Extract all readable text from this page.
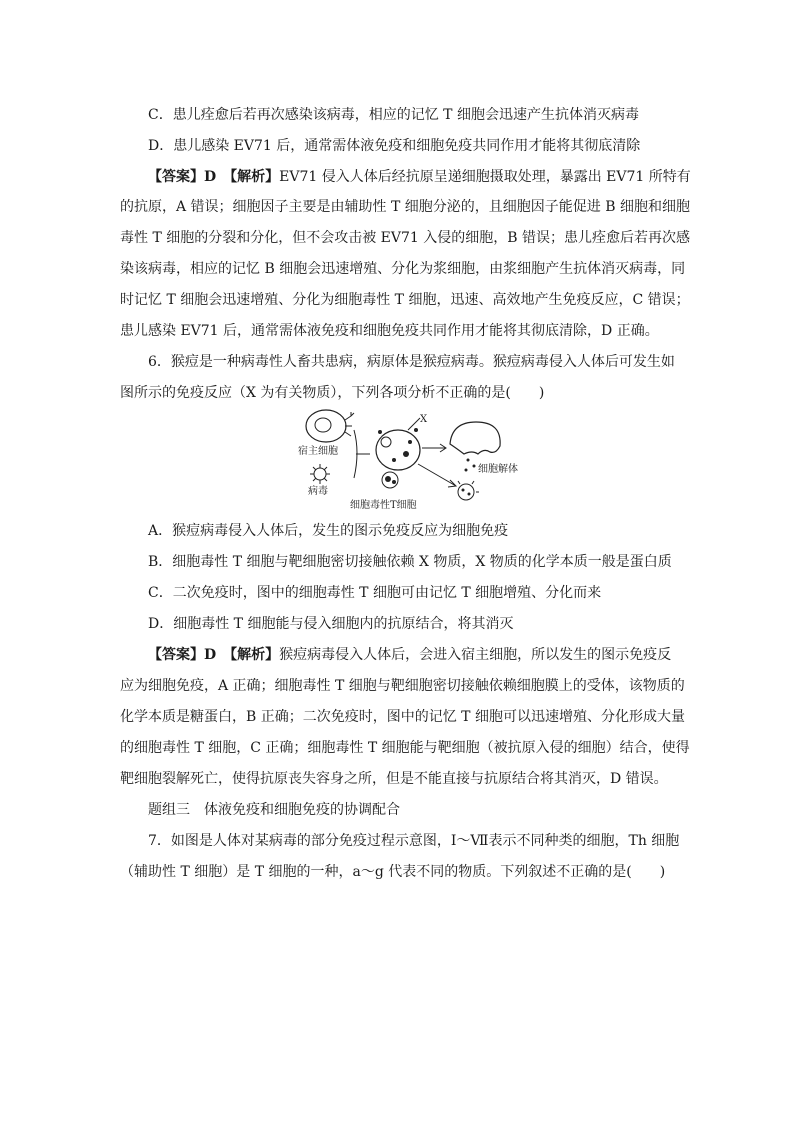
C．患儿痊愈后若再次感染该病毒，相应的记忆 T 细胞会迅速产生抗体消灭病毒
D．患儿感染 EV71 后，通常需体液免疫和细胞免疫共同作用才能将其彻底清除
【答案】D　 【解析】EV71 侵入人体后经抗原呈递细胞摄取处理，暴露出 EV71 所特有
的抗原，A 错误；细胞因子主要是由辅助性 T 细胞分泌的，且细胞因子能促进 B 细胞和细胞
毒性 T 细胞的分裂和分化，但不会攻击被 EV71 入侵的细胞，B 错误；患儿痊愈后若再次感
染该病毒，相应的记忆 B 细胞会迅速增殖、分化为浆细胞，由浆细胞产生抗体消灭病毒，同
时记忆 T 细胞会迅速增殖、分化为细胞毒性 T 细胞，迅速、高效地产生免疫反应，C 错误；
患儿感染 EV71 后，通常需体液免疫和细胞免疫共同作用才能将其彻底清除，D 正确。
6．猴痘是一种病毒性人畜共患病，病原体是猴痘病毒。猴痘病毒侵入人体后可发生如
图所示的免疫反应（X 为有关物质），下列各项分析不正确的是(　　)
宿主细胞
病毒
X
细胞毒性T细胞
细胞解体
A．猴痘病毒侵入人体后，发生的图示免疫反应为细胞免疫
B．细胞毒性 T 细胞与靶细胞密切接触依赖 X 物质，X 物质的化学本质一般是蛋白质
C．二次免疫时，图中的细胞毒性 T 细胞可由记忆 T 细胞增殖、分化而来
D．细胞毒性 T 细胞能与侵入细胞内的抗原结合，将其消灭
【答案】D　 【解析】猴痘病毒侵入人体后，会进入宿主细胞，所以发生的图示免疫反
应为细胞免疫，A 正确；细胞毒性 T 细胞与靶细胞密切接触依赖细胞膜上的受体，该物质的
化学本质是糖蛋白，B 正确；二次免疫时，图中的记忆 T 细胞可以迅速增殖、分化形成大量
的细胞毒性 T 细胞，C 正确；细胞毒性 T 细胞能与靶细胞（被抗原入侵的细胞）结合，使得
靶细胞裂解死亡，使得抗原丧失容身之所，但是不能直接与抗原结合将其消灭，D 错误。
题组三　体液免疫和细胞免疫的协调配合
7．如图是人体对某病毒的部分免疫过程示意图，Ⅰ～Ⅶ表示不同种类的细胞，Th 细胞
（辅助性 T 细胞）是 T 细胞的一种，a～g 代表不同的物质。下列叙述不正确的是(　　)
